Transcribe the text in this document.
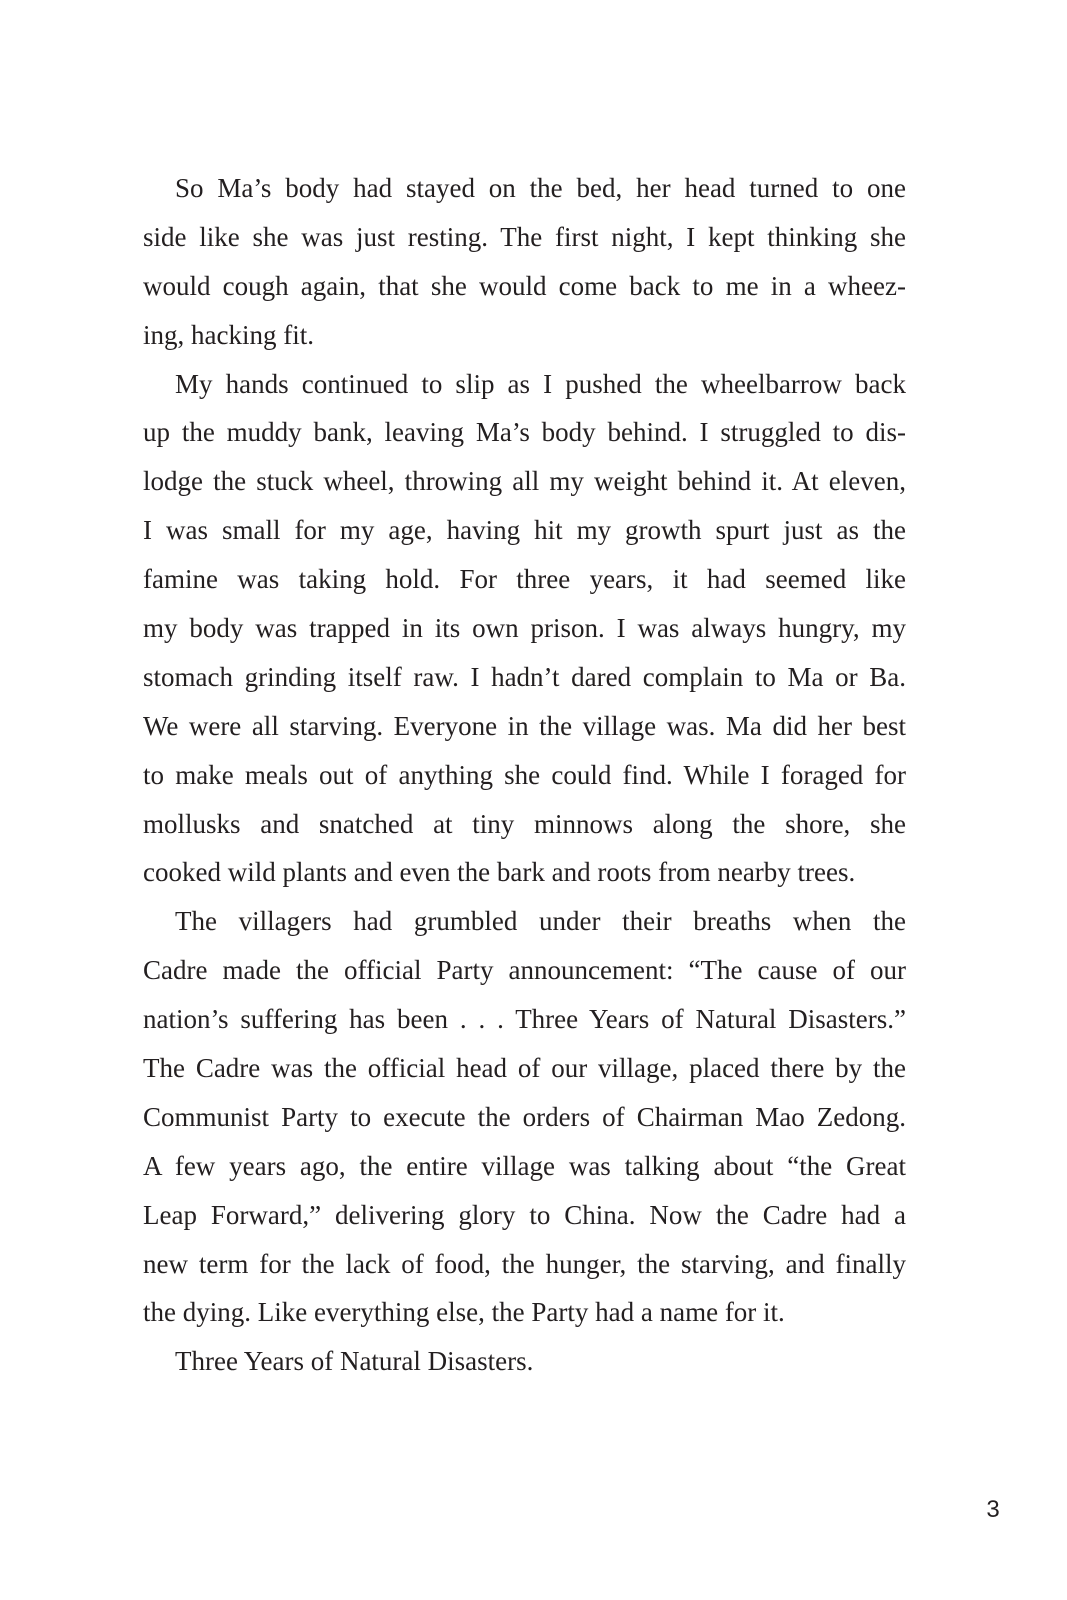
So Ma’s body had stayed on the bed, her head turned to one
side like she was just resting. The first night, I kept thinking she
would cough again, that she would come back to me in a wheez-
ing, hacking fit.
My hands continued to slip as I pushed the wheelbarrow back
up the muddy bank, leaving Ma’s body behind. I struggled to dis-
lodge the stuck wheel, throwing all my weight behind it. At eleven,
I was small for my age, having hit my growth spurt just as the
famine was taking hold. For three years, it had seemed like
my body was trapped in its own prison. I was always hungry, my
stomach grinding itself raw. I hadn’t dared complain to Ma or Ba.
We were all starving. Everyone in the village was. Ma did her best
to make meals out of anything she could find. While I foraged for
mollusks and snatched at tiny minnows along the shore, she
cooked wild plants and even the bark and roots from nearby trees.
The villagers had grumbled under their breaths when the
Cadre made the official Party announcement: “The cause of our
nation’s suffering has been . . . Three Years of Natural Disasters.”
The Cadre was the official head of our village, placed there by the
Communist Party to execute the orders of Chairman Mao Zedong.
A few years ago, the entire village was talking about “the Great
Leap Forward,” delivering glory to China. Now the Cadre had a
new term for the lack of food, the hunger, the starving, and finally
the dying. Like everything else, the Party had a name for it.
Three Years of Natural Disasters.
3
